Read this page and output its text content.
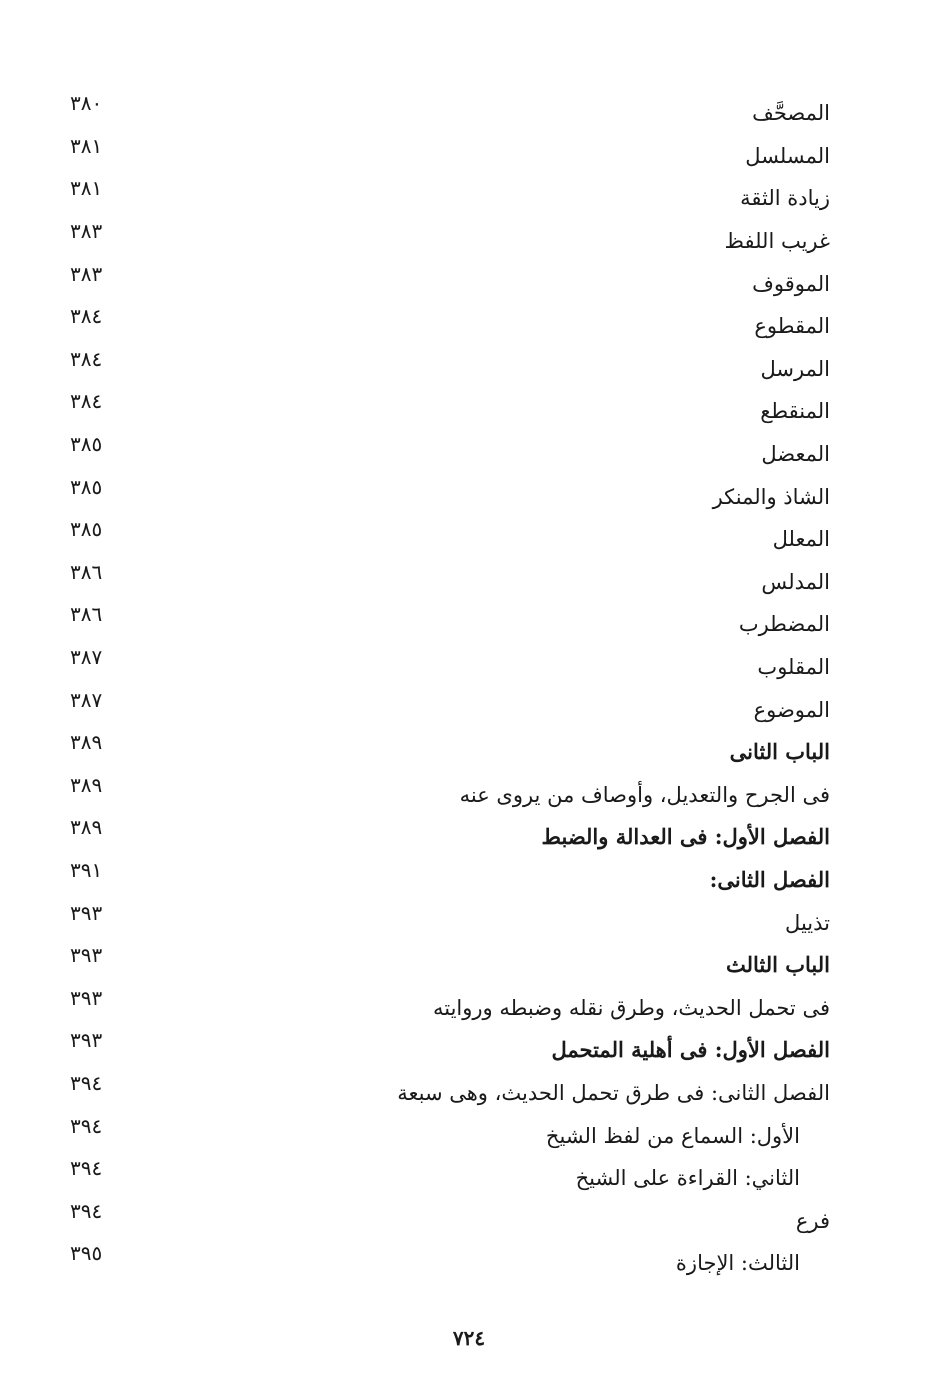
المصحَّف
٣٨٠
المسلسل
٣٨١
زيادة الثقة
٣٨١
غريب اللفظ
٣٨٣
الموقوف
٣٨٣
المقطوع
٣٨٤
المرسل
٣٨٤
المنقطع
٣٨٤
المعضل
٣٨٥
الشاذ والمنكر
٣٨٥
المعلل
٣٨٥
المدلس
٣٨٦
المضطرب
٣٨٦
المقلوب
٣٨٧
الموضوع
٣٨٧
الباب الثانى
٣٨٩
فى الجرح والتعديل، وأوصاف من يروى عنه
٣٨٩
الفصل الأول: فى العدالة والضبط
٣٨٩
الفصل الثانى:
٣٩١
تذييل
٣٩٣
الباب الثالث
٣٩٣
فى تحمل الحديث، وطرق نقله وضبطه وروايته
٣٩٣
الفصل الأول: فى أهلية المتحمل
٣٩٣
الفصل الثانى: فى طرق تحمل الحديث، وهى سبعة
٣٩٤
الأول: السماع من لفظ الشيخ
٣٩٤
الثاني: القراءة على الشيخ
٣٩٤
فرع
٣٩٤
الثالث: الإجازة
٣٩٥
٧٢٤
